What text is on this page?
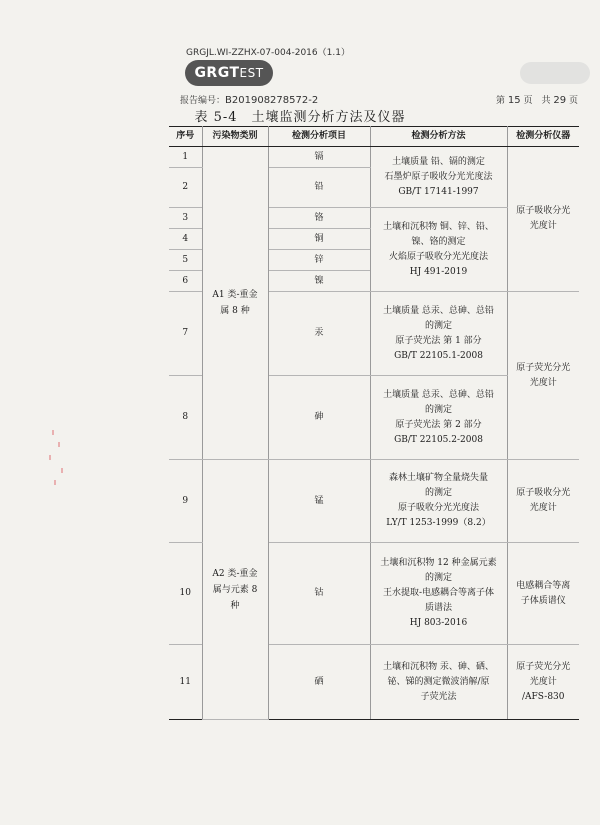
GRGJL.WI-ZZHX-07-004-2016（1.1）
GRGTEST
报告编号：B201908278572-2	第 15 页　共 29 页
表 5-4　土壤监测分析方法及仪器
序号	污染物类别	检测分析项目	检测分析方法	检测分析仪器
1	A1 类-重金属 8 种	镉	土壤质量 铅、镉的测定
石墨炉原子吸收分光光度法
GB/T 17141-1997	原子吸收分光
光度计

2		铅		
3		铬	土壤和沉积物 铜、锌、铅、
镍、铬的测定
火焰原子吸收分光光度法
HJ 491-2019	

4		铜		
5		锌		
6		镍		
7		汞	土壤质量 总汞、总砷、总铅
的测定
原子荧光法 第 1 部分
GB/T 22105.1-2008	原子荧光分光
光度计

8		砷	土壤质量 总汞、总砷、总铅
的测定
原子荧光法 第 2 部分
GB/T 22105.2-2008	

9	A2 类-重金属与元素 8 种	锰	森林土壤矿物全量烧失量
的测定
原子吸收分光光度法
LY/T 1253-1999（8.2）	原子吸收分光
光度计

10		钴	土壤和沉积物 12 种金属元素
的测定
王水提取-电感耦合等离子体
质谱法
HJ 803-2016	电感耦合等离
子体质谱仪

11		硒	土壤和沉积物 汞、砷、硒、
铋、锑的测定微波消解/原
子荧光法	原子荧光分光
光度计
/AFS-830
